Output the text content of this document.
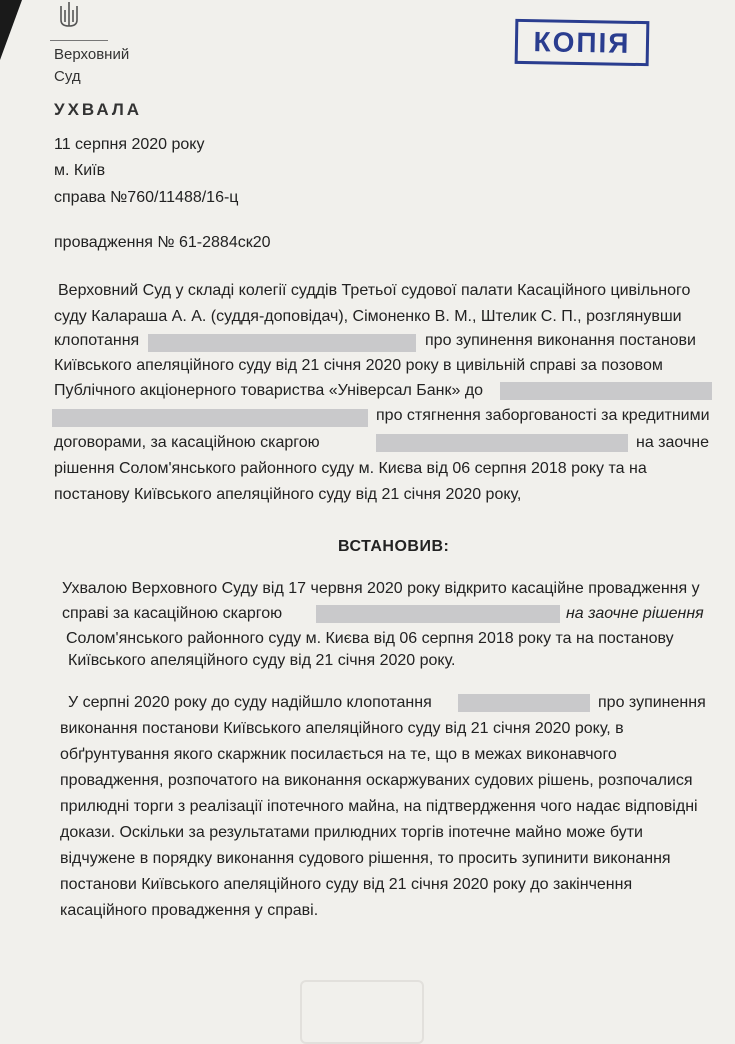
Верховний
Суд
КОПІЯ
УХВАЛА
11 серпня 2020 року
м. Київ
справа №760/11488/16-ц
провадження № 61-2884ск20
Верховний Суд у складі колегії суддів Третьої судової палати Касаційного цивільного
суду Калараша А. А. (суддя-доповідач), Сімоненко В. М., Штелик С. П., розглянувши
клопотання	про зупинення виконання постанови
Київського апеляційного суду від 21 січня 2020 року в цивільній справі за позовом
Публічного акціонерного товариства «Універсал Банк» до
про стягнення заборгованості за кредитними
договорами, за касаційною скаргою	на заочне
рішення Солом'янського районного суду м. Києва від 06 серпня 2018 року та на
постанову Київського апеляційного суду від 21 січня 2020 року,
ВСТАНОВИВ:
Ухвалою Верховного Суду від 17 червня 2020 року відкрито касаційне провадження у
справі за касаційною скаргою	на заочне рішення
Солом'янського районного суду м. Києва від 06 серпня 2018 року та на постанову
Київського апеляційного суду від 21 січня 2020 року.
У серпні 2020 року до суду надійшло клопотання	про зупинення
виконання постанови Київського апеляційного суду від 21 січня 2020 року, в
обґрунтування якого скаржник посилається на те, що в межах виконавчого
провадження, розпочатого на виконання оскаржуваних судових рішень, розпочалися
прилюдні торги з реалізації іпотечного майна, на підтвердження чого надає відповідні
докази. Оскільки за результатами прилюдних торгів іпотечне майно може бути
відчужене в порядку виконання судового рішення, то просить зупинити виконання
постанови Київського апеляційного суду від 21 січня 2020 року до закінчення
касаційного провадження у справі.
